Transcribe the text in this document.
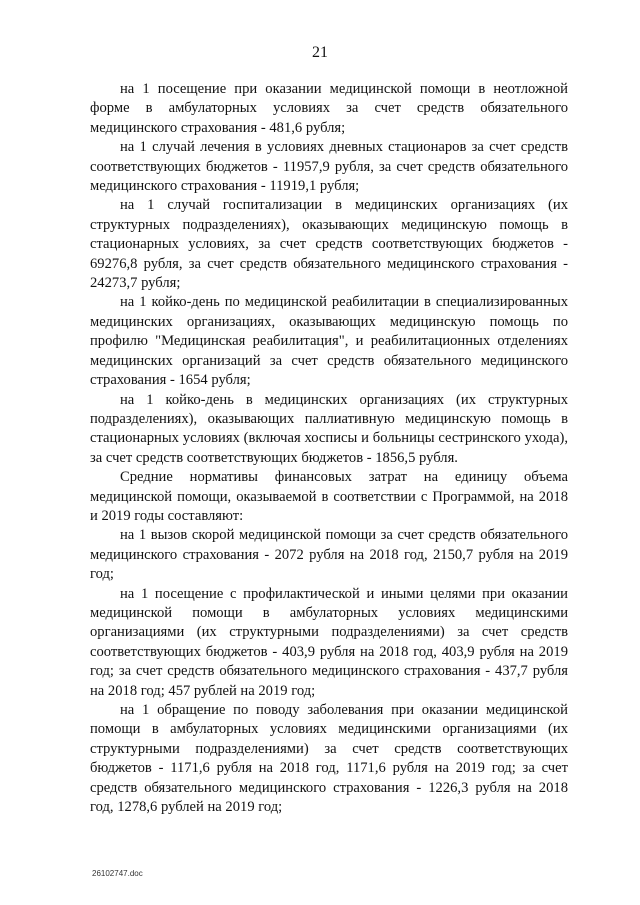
21

на 1 посещение при оказании медицинской помощи в неотложной форме в амбулаторных условиях за счет средств обязательного медицинского страхования - 481,6 рубля;

на 1 случай лечения в условиях дневных стационаров за счет средств соответствующих бюджетов - 11957,9 рубля, за счет средств обязательного медицинского страхования - 11919,1 рубля;

на 1 случай госпитализации в медицинских организациях (их структурных подразделениях), оказывающих медицинскую помощь в стационарных условиях, за счет средств соответствующих бюджетов - 69276,8 рубля, за счет средств обязательного медицинского страхования - 24273,7 рубля;

на 1 койко-день по медицинской реабилитации в специализированных медицинских организациях, оказывающих медицинскую помощь по профилю "Медицинская реабилитация", и реабилитационных отделениях медицинских организаций за счет средств обязательного медицинского страхования - 1654 рубля;

на 1 койко-день в медицинских организациях (их структурных подразделениях), оказывающих паллиативную медицинскую помощь в стационарных условиях (включая хосписы и больницы сестринского ухода), за счет средств соответствующих бюджетов - 1856,5 рубля.

Средние нормативы финансовых затрат на единицу объема медицинской помощи, оказываемой в соответствии с Программой, на 2018 и 2019 годы составляют:

на 1 вызов скорой медицинской помощи за счет средств обязательного медицинского страхования - 2072 рубля на 2018 год, 2150,7 рубля на 2019 год;

на 1 посещение с профилактической и иными целями при оказании медицинской помощи в амбулаторных условиях медицинскими организациями (их структурными подразделениями) за счет средств соответствующих бюджетов - 403,9 рубля на 2018 год, 403,9 рубля на 2019 год; за счет средств обязательного медицинского страхования - 437,7 рубля на 2018 год; 457 рублей на 2019 год;

на 1 обращение по поводу заболевания при оказании медицинской помощи в амбулаторных условиях медицинскими организациями (их структурными подразделениями) за счет средств соответствующих бюджетов - 1171,6 рубля на 2018 год, 1171,6 рубля на 2019 год; за счет средств обязательного медицинского страхования - 1226,3 рубля на 2018 год, 1278,6 рублей на 2019 год;

26102747.doc
